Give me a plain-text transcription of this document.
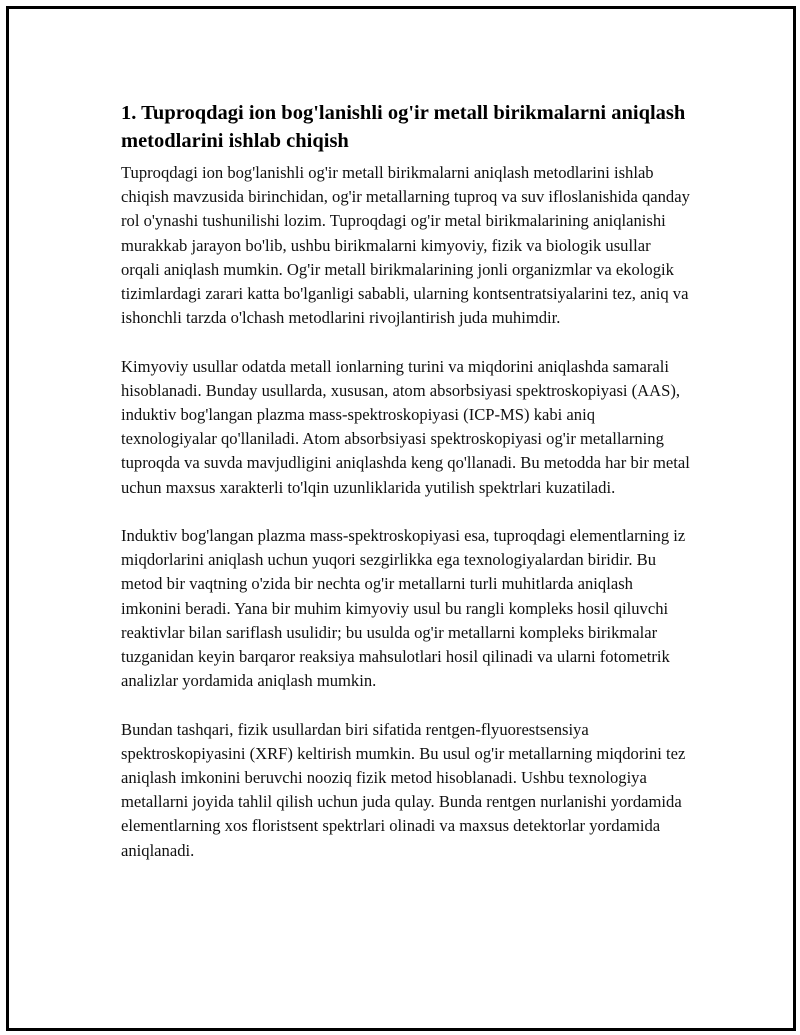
1. Tuproqdagi ion bog'lanishli og'ir metall birikmalarni aniqlash metodlarini ishlab chiqish

Tuproqdagi ion bog'lanishli og'ir metall birikmalarni aniqlash metodlarini ishlab chiqish mavzusida birinchidan, og'ir metallarning tuproq va suv ifloslanishida qanday rol o'ynashi tushunilishi lozim. Tuproqdagi og'ir metal birikmalarining aniqlanishi murakkab jarayon bo'lib, ushbu birikmalarni kimyoviy, fizik va biologik usullar orqali aniqlash mumkin. Og'ir metall birikmalarining jonli organizmlar va ekologik tizimlardagi zarari katta bo'lganligi sababli, ularning kontsentratsiyalarini tez, aniq va ishonchli tarzda o'lchash metodlarini rivojlantirish juda muhimdir.

Kimyoviy usullar odatda metall ionlarning turini va miqdorini aniqlashda samarali hisoblanadi. Bunday usullarda, xususan, atom absorbsiyasi spektroskopiyasi (AAS), induktiv bog'langan plazma mass-spektroskopiyasi (ICP-MS) kabi aniq texnologiyalar qo'llaniladi. Atom absorbsiyasi spektroskopiyasi og'ir metallarning tuproqda va suvda mavjudligini aniqlashda keng qo'llanadi. Bu metodda har bir metal uchun maxsus xarakterli to'lqin uzunliklarida yutilish spektrlari kuzatiladi.

Induktiv bog'langan plazma mass-spektroskopiyasi esa, tuproqdagi elementlarning iz miqdorlarini aniqlash uchun yuqori sezgirlikka ega texnologiyalardan biridir. Bu metod bir vaqtning o'zida bir nechta og'ir metallarni turli muhitlarda aniqlash imkonini beradi. Yana bir muhim kimyoviy usul bu rangli kompleks hosil qiluvchi reaktivlar bilan sariflash usulidir; bu usulda og'ir metallarni kompleks birikmalar tuzganidan keyin barqaror reaksiya mahsulotlari hosil qilinadi va ularni fotometrik analizlar yordamida aniqlash mumkin.

Bundan tashqari, fizik usullardan biri sifatida rentgen-flyuorestsensiya spektroskopiyasini (XRF) keltirish mumkin. Bu usul og'ir metallarning miqdorini tez aniqlash imkonini beruvchi nooziq fizik metod hisoblanadi. Ushbu texnologiya metallarni joyida tahlil qilish uchun juda qulay. Bunda rentgen nurlanishi yordamida elementlarning xos floristsent spektrlari olinadi va maxsus detektorlar yordamida aniqlanadi.
